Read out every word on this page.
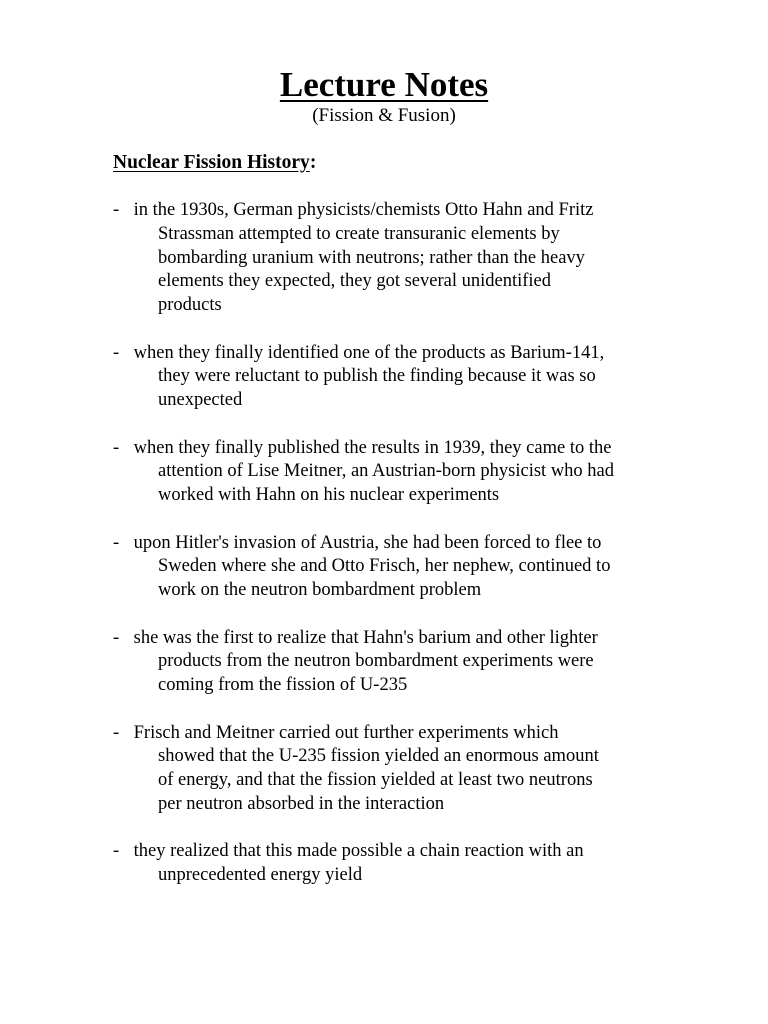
Lecture Notes
(Fission & Fusion)
Nuclear Fission History:
- in the 1930s, German physicists/chemists Otto Hahn and Fritz
Strassman attempted to create transuranic elements by
bombarding uranium with neutrons; rather than the heavy
elements they expected, they got several unidentified
products
- when they finally identified one of the products as Barium-141,
they were reluctant to publish the finding because it was so
unexpected
- when they finally published the results in 1939, they came to the
attention of Lise Meitner, an Austrian-born physicist who had
worked with Hahn on his nuclear experiments
- upon Hitler's invasion of Austria, she had been forced to flee to
Sweden where she and Otto Frisch, her nephew, continued to
work on the neutron bombardment problem
- she was the first to realize that Hahn's barium and other lighter
products from the neutron bombardment experiments were
coming from the fission of U-235
- Frisch and Meitner carried out further experiments which
showed that the U-235 fission yielded an enormous amount
of energy, and that the fission yielded at least two neutrons
per neutron absorbed in the interaction
- they realized that this made possible a chain reaction with an
unprecedented energy yield
